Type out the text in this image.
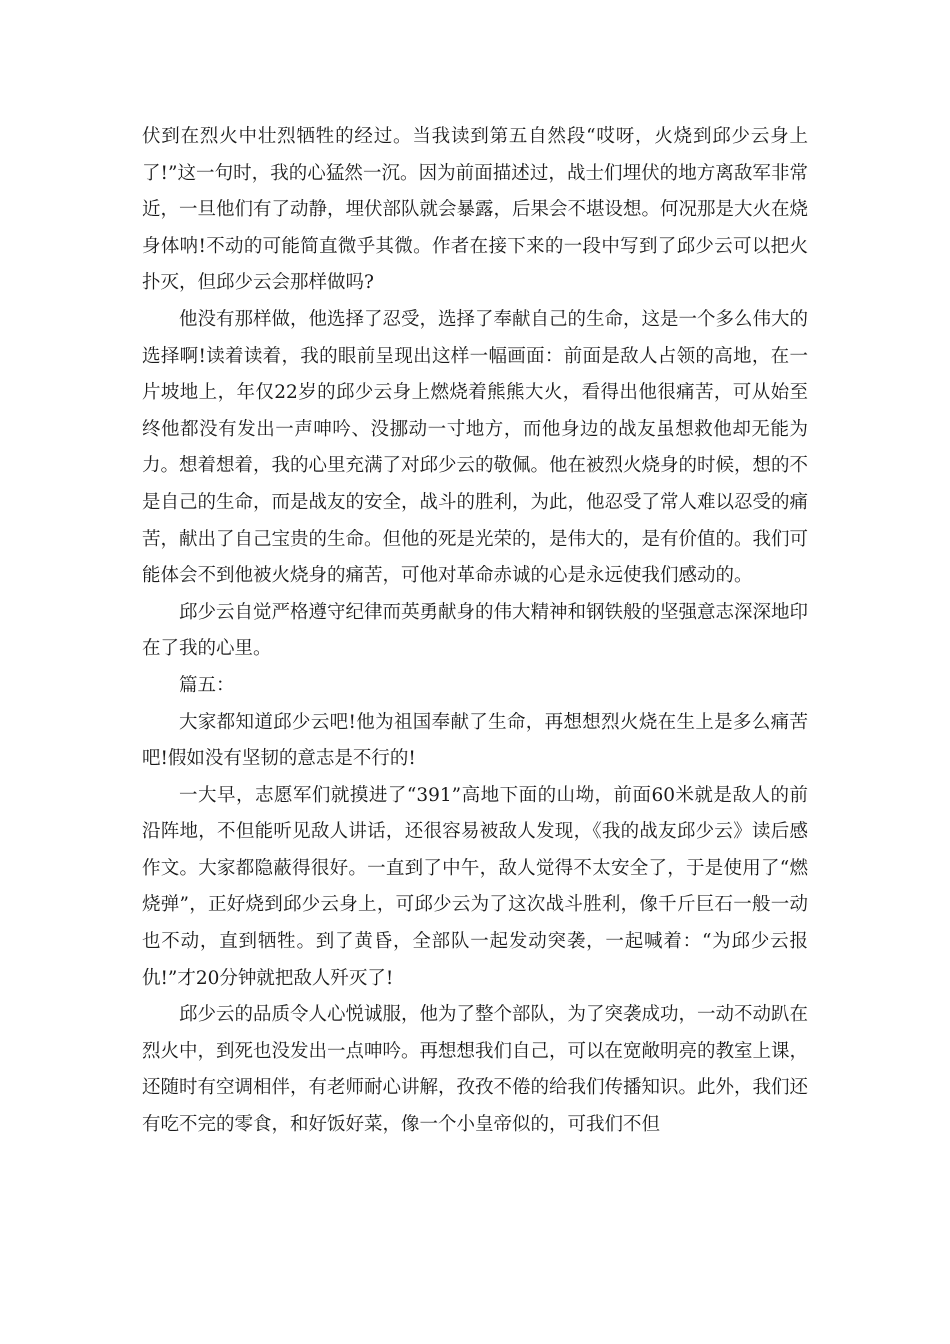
伏到在烈火中壮烈牺牲的经过。当我读到第五自然段“哎呀，火烧到邱少云身上了!”这一句时，我的心猛然一沉。因为前面描述过，战士们埋伏的地方离敌军非常近，一旦他们有了动静，埋伏部队就会暴露，后果会不堪设想。何况那是大火在烧身体呐!不动的可能简直微乎其微。作者在接下来的一段中写到了邱少云可以把火扑灭，但邱少云会那样做吗?

他没有那样做，他选择了忍受，选择了奉献自己的生命，这是一个多么伟大的选择啊!读着读着，我的眼前呈现出这样一幅画面：前面是敌人占领的高地，在一片坡地上，年仅22岁的邱少云身上燃烧着熊熊大火，看得出他很痛苦，可从始至终他都没有发出一声呻吟、没挪动一寸地方，而他身边的战友虽想救他却无能为力。想着想着，我的心里充满了对邱少云的敬佩。他在被烈火烧身的时候，想的不是自己的生命，而是战友的安全，战斗的胜利，为此，他忍受了常人难以忍受的痛苦，献出了自己宝贵的生命。但他的死是光荣的，是伟大的，是有价值的。我们可能体会不到他被火烧身的痛苦，可他对革命赤诚的心是永远使我们感动的。

邱少云自觉严格遵守纪律而英勇献身的伟大精神和钢铁般的坚强意志深深地印在了我的心里。

篇五：

大家都知道邱少云吧!他为祖国奉献了生命，再想想烈火烧在生上是多么痛苦吧!假如没有坚韧的意志是不行的!

一大早，志愿军们就摸进了“391”高地下面的山坳，前面60米就是敌人的前沿阵地，不但能听见敌人讲话，还很容易被敌人发现，《我的战友邱少云》读后感作文。大家都隐蔽得很好。一直到了中午，敌人觉得不太安全了，于是使用了“燃烧弹”，正好烧到邱少云身上，可邱少云为了这次战斗胜利，像千斤巨石一般一动也不动，直到牺牲。到了黄昏，全部队一起发动突袭，一起喊着：“为邱少云报仇!”才20分钟就把敌人歼灭了!

邱少云的品质令人心悦诚服，他为了整个部队，为了突袭成功，一动不动趴在烈火中，到死也没发出一点呻吟。再想想我们自己，可以在宽敞明亮的教室上课，还随时有空调相伴，有老师耐心讲解，孜孜不倦的给我们传播知识。此外，我们还有吃不完的零食，和好饭好菜，像一个小皇帝似的，可我们不但
